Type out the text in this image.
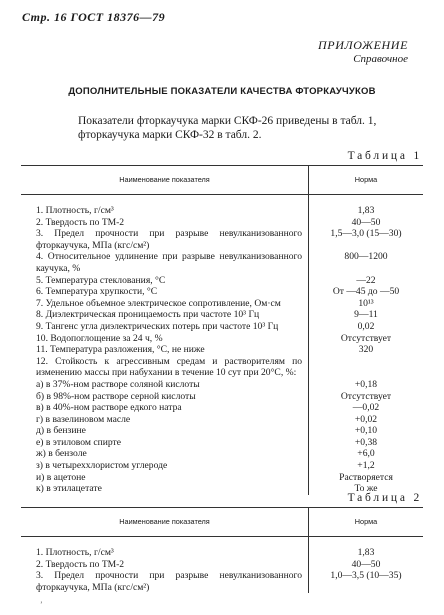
Стр. 16 ГОСТ 18376—79
ПРИЛОЖЕНИЕ
Справочное
ДОПОЛНИТЕЛЬНЫЕ ПОКАЗАТЕЛИ КАЧЕСТВА ФТОРКАУЧУКОВ
Показатели фторкаучука марки СКФ-26 приведены в табл. 1,
фторкаучука марки СКФ-32 в табл. 2.
Таблица 1
Наименование показателя	Норма
1. Плотность, г/см³	1,83
2. Твердость по ТМ-2	40—50
3. Предел прочности при разрыве невулканизованного фторкаучука, МПа (кгс/см²)	1,5—3,0 (15—30)
4. Относительное удлинение при разрыве невулканизованного каучука, %	800—1200
5. Температура стеклования, °С	—22
6. Температура хрупкости, °С	От —45 до —50
7. Удельное объемное электрическое сопротивление, Ом·см	10¹³
8. Диэлектрическая проницаемость при частоте 10³ Гц	9—11
9. Тангенс угла диэлектрических потерь при частоте 10³ Гц	0,02
10. Водопоглощение за 24 ч, %	Отсутствует
11. Температура разложения, °С, не ниже	320
12. Стойкость к агрессивным средам и растворителям по изменению массы при набухании в течение 10 сут при 20°С, %:	
а) в 37%-ном растворе соляной кислоты	+0,18
б) в 98%-ном растворе серной кислоты	Отсутствует
в) в 40%-ном растворе едкого натра	—0,02
г) в вазелиновом масле	+0,02
д) в бензине	+0,10
е) в этиловом спирте	+0,38
ж) в бензоле	+6,0
з) в четыреххлористом углероде	+1,2
и) в ацетоне	Растворяется
к) в этилацетате	То же
Таблица 2
Наименование показателя	Норма
1. Плотность, г/см³	1,83
2. Твердость по ТМ-2	40—50
3. Предел прочности при разрыве невулканизованного фторкаучука, МПа (кгс/см²)	1,0—3,5 (10—35)
’
